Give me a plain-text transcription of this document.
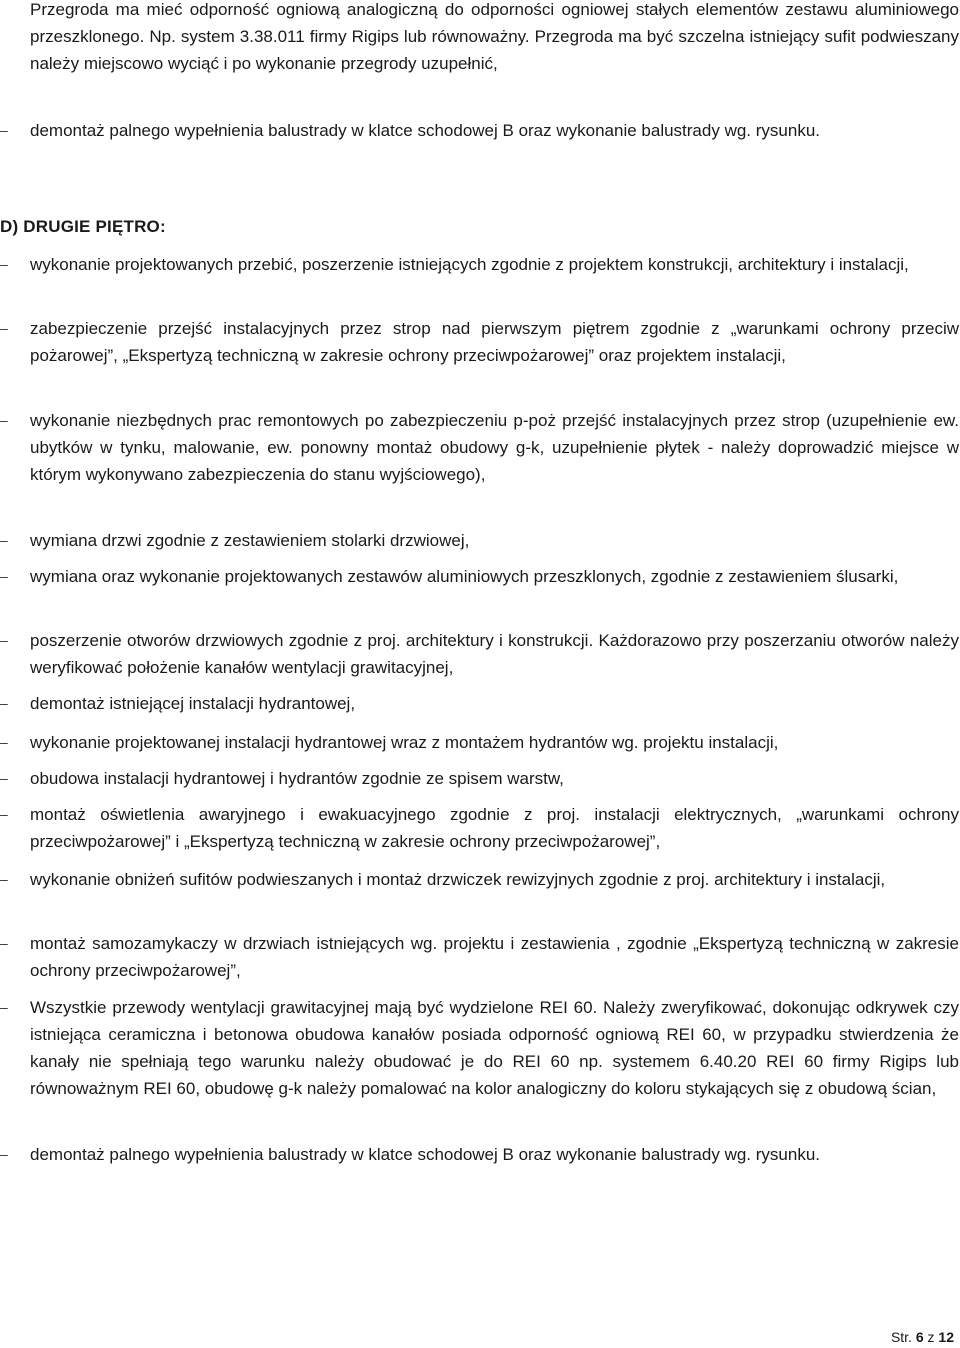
Przegroda ma mieć odporność ogniową analogiczną do odporności ogniowej stałych elementów zestawu aluminiowego przeszklonego. Np. system 3.38.011 firmy Rigips lub równoważny. Przegroda ma być szczelna istniejący sufit podwieszany należy miejscowo wyciąć i po wykonanie przegrody uzupełnić,
–	demontaż palnego wypełnienia balustrady w klatce schodowej B oraz wykonanie balustrady wg. rysunku.
D) DRUGIE PIĘTRO:
–	wykonanie projektowanych przebić, poszerzenie istniejących zgodnie z projektem konstrukcji, architektury i instalacji,
–	zabezpieczenie przejść instalacyjnych przez strop nad pierwszym piętrem zgodnie z „warunkami ochrony przeciw pożarowej”, „Ekspertyzą techniczną w zakresie ochrony przeciwpożarowej” oraz projektem instalacji,
–	wykonanie niezbędnych prac remontowych po zabezpieczeniu p-poż przejść instalacyjnych przez strop (uzupełnienie ew. ubytków w tynku, malowanie, ew. ponowny montaż obudowy g-k, uzupełnienie płytek - należy doprowadzić miejsce w którym wykonywano zabezpieczenia do stanu wyjściowego),
–	wymiana drzwi zgodnie z zestawieniem stolarki drzwiowej,
–	wymiana oraz wykonanie projektowanych zestawów aluminiowych przeszklonych, zgodnie z zestawieniem ślusarki,
–	poszerzenie otworów drzwiowych zgodnie z proj. architektury i konstrukcji. Każdorazowo przy poszerzaniu otworów należy weryfikować położenie kanałów wentylacji grawitacyjnej,
–	demontaż istniejącej instalacji hydrantowej,
–	wykonanie projektowanej instalacji hydrantowej wraz z montażem hydrantów wg. projektu instalacji,
–	obudowa instalacji hydrantowej i hydrantów zgodnie ze spisem warstw,
–	montaż oświetlenia awaryjnego i ewakuacyjnego zgodnie z proj. instalacji elektrycznych, „warunkami ochrony przeciwpożarowej” i „Ekspertyzą techniczną w zakresie ochrony przeciwpożarowej”,
–	wykonanie obniżeń sufitów podwieszanych i montaż drzwiczek rewizyjnych zgodnie z proj. architektury i instalacji,
–	montaż samozamykaczy w drzwiach istniejących wg. projektu i zestawienia , zgodnie „Ekspertyzą techniczną w zakresie ochrony przeciwpożarowej”,
–	Wszystkie przewody wentylacji grawitacyjnej mają być wydzielone REI 60. Należy zweryfikować, dokonując odkrywek czy istniejąca ceramiczna i betonowa obudowa kanałów posiada odporność ogniową REI 60, w przypadku stwierdzenia że kanały nie spełniają tego warunku należy obudować je do REI 60 np. systemem 6.40.20 REI 60 firmy Rigips lub równoważnym REI 60, obudowę g-k należy pomalować na kolor analogiczny do koloru stykających się z obudową ścian,
–	demontaż palnego wypełnienia balustrady w klatce schodowej B oraz wykonanie balustrady wg. rysunku.
Str. 6 z 12
